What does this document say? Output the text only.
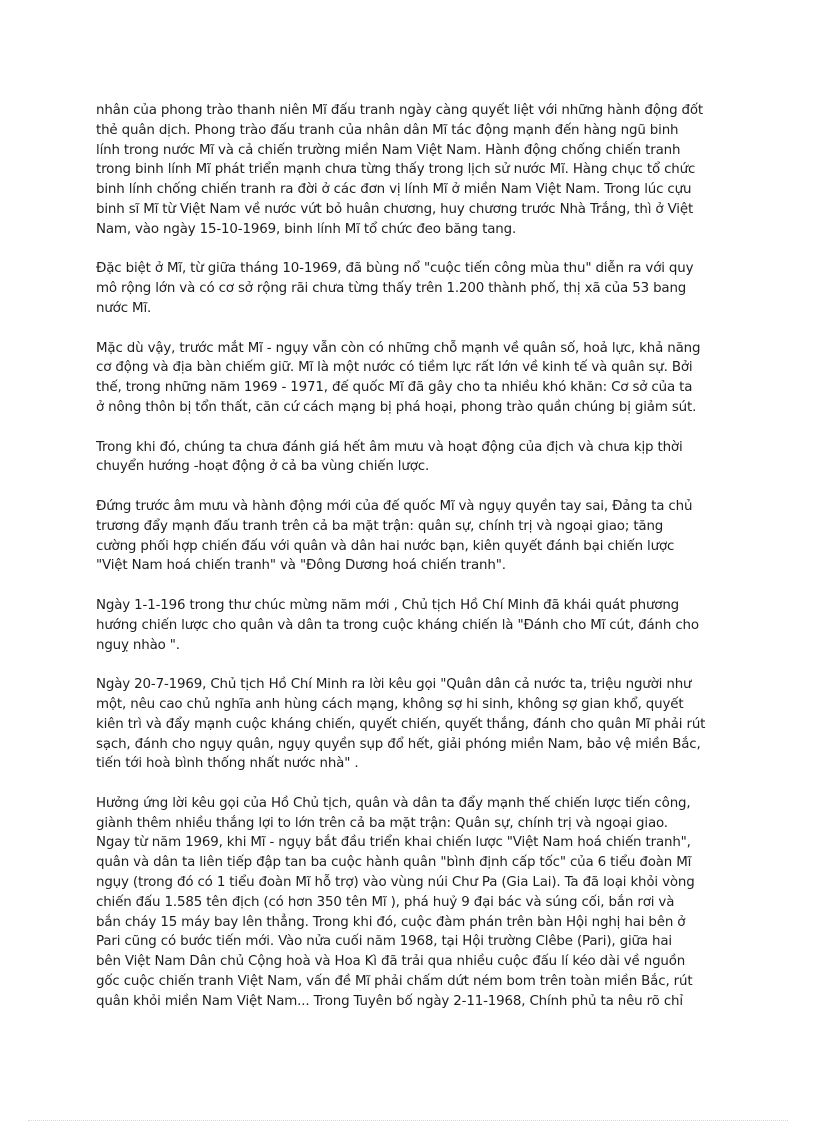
nhân của phong trào thanh niên Mĩ đấu tranh ngày càng quyết liệt với những hành động đốt
thẻ quân dịch. Phong trào đấu tranh của nhân dân Mĩ tác động mạnh đến hàng ngũ binh
lính trong nước Mĩ và cả chiến trường miền Nam Việt Nam. Hành động chống chiến tranh
trong binh lính Mĩ phát triển mạnh chưa từng thấy trong lịch sử nước Mĩ. Hàng chục tổ chức
binh lính chống chiến tranh ra đời ở các đơn vị lính Mĩ ở miền Nam Việt Nam. Trong lúc cựu
binh sĩ Mĩ từ Việt Nam về nước vứt bỏ huân chương, huy chương trước Nhà Trắng, thì ở Việt
Nam, vào ngày 15-10-1969, binh lính Mĩ tổ chức đeo băng tang.

Đặc biệt ở Mĩ, từ giữa tháng 10-1969, đã bùng nổ "cuộc tiến công mùa thu" diễn ra với quy
mô rộng lớn và có cơ sở rộng rãi chưa từng thấy trên 1.200 thành phố, thị xã của 53 bang
nước Mĩ.

Mặc dù vậy, trước mắt Mĩ - ngụy vẫn còn có những chỗ mạnh về quân số, hoả lực, khả năng
cơ động và địa bàn chiếm giữ. Mĩ là một nước có tiềm lực rất lớn về kinh tế và quân sự. Bởi
thế, trong những năm 1969 - 1971, đế quốc Mĩ đã gây cho ta nhiều khó khăn: Cơ sở của ta
ở nông thôn bị tổn thất, căn cứ cách mạng bị phá hoại, phong trào quần chúng bị giảm sút.

Trong khi đó, chúng ta chưa đánh giá hết âm mưu và hoạt động của địch và chưa kịp thời
chuyển hướng -hoạt động ở cả ba vùng chiến lược.

Đứng trước âm mưu và hành động mới của đế quốc Mĩ và ngụy quyền tay sai, Đảng ta chủ
trương đẩy mạnh đấu tranh trên cả ba mặt trận: quân sự, chính trị và ngoại giao; tăng
cường phối hợp chiến đấu với quân và dân hai nước bạn, kiên quyết đánh bại chiến lược
"Việt Nam hoá chiến tranh" và "Đông Dương hoá chiến tranh".

Ngày 1-1-196 trong thư chúc mừng năm mới , Chủ tịch Hồ Chí Minh đã khái quát phương
hướng chiến lược cho quân và dân ta trong cuộc kháng chiến là "Đánh cho Mĩ cút, đánh cho
nguỵ nhào ".

Ngày 20-7-1969, Chủ tịch Hồ Chí Minh ra lời kêu gọi "Quân dân cả nước ta, triệu người như
một, nêu cao chủ nghĩa anh hùng cách mạng, không sợ hi sinh, không sợ gian khổ, quyết
kiên trì và đẩy mạnh cuộc kháng chiến, quyết chiến, quyết thắng, đánh cho quân Mĩ phải rút
sạch, đánh cho ngụy quân, ngụy quyền sụp đổ hết, giải phóng miền Nam, bảo vệ miền Bắc,
tiến tới hoà bình thống nhất nước nhà" .

Hưởng ứng lời kêu gọi của Hồ Chủ tịch, quân và dân ta đẩy mạnh thế chiến lược tiến công,
giành thêm nhiều thắng lợi to lớn trên cả ba mặt trận: Quân sự, chính trị và ngoại giao.
Ngay từ năm 1969, khi Mĩ - ngụy bắt đầu triển khai chiến lược "Việt Nam hoá chiến tranh",
quân và dân ta liên tiếp đập tan ba cuộc hành quân "bình định cấp tốc" của 6 tiểu đoàn Mĩ
ngụy (trong đó có 1 tiểu đoàn Mĩ hỗ trợ) vào vùng núi Chư Pa (Gia Lai). Ta đã loại khỏi vòng
chiến đấu 1.585 tên địch (có hơn 350 tên Mĩ ), phá huỷ 9 đại bác và súng cối, bắn rơi và
bắn cháy 15 máy bay lên thẳng. Trong khi đó, cuộc đàm phán trên bàn Hội nghị hai bên ở
Pari cũng có bước tiến mới. Vào nửa cuối năm 1968, tại Hội trường Clêbe (Pari), giữa hai
bên Việt Nam Dân chủ Cộng hoà và Hoa Kì đã trải qua nhiều cuộc đấu lí kéo dài về nguồn
gốc cuộc chiến tranh Việt Nam, vấn đề Mĩ phải chấm dứt ném bom trên toàn miền Bắc, rút
quân khỏi miền Nam Việt Nam... Trong Tuyên bố ngày 2-11-1968, Chính phủ ta nêu rõ chỉ
